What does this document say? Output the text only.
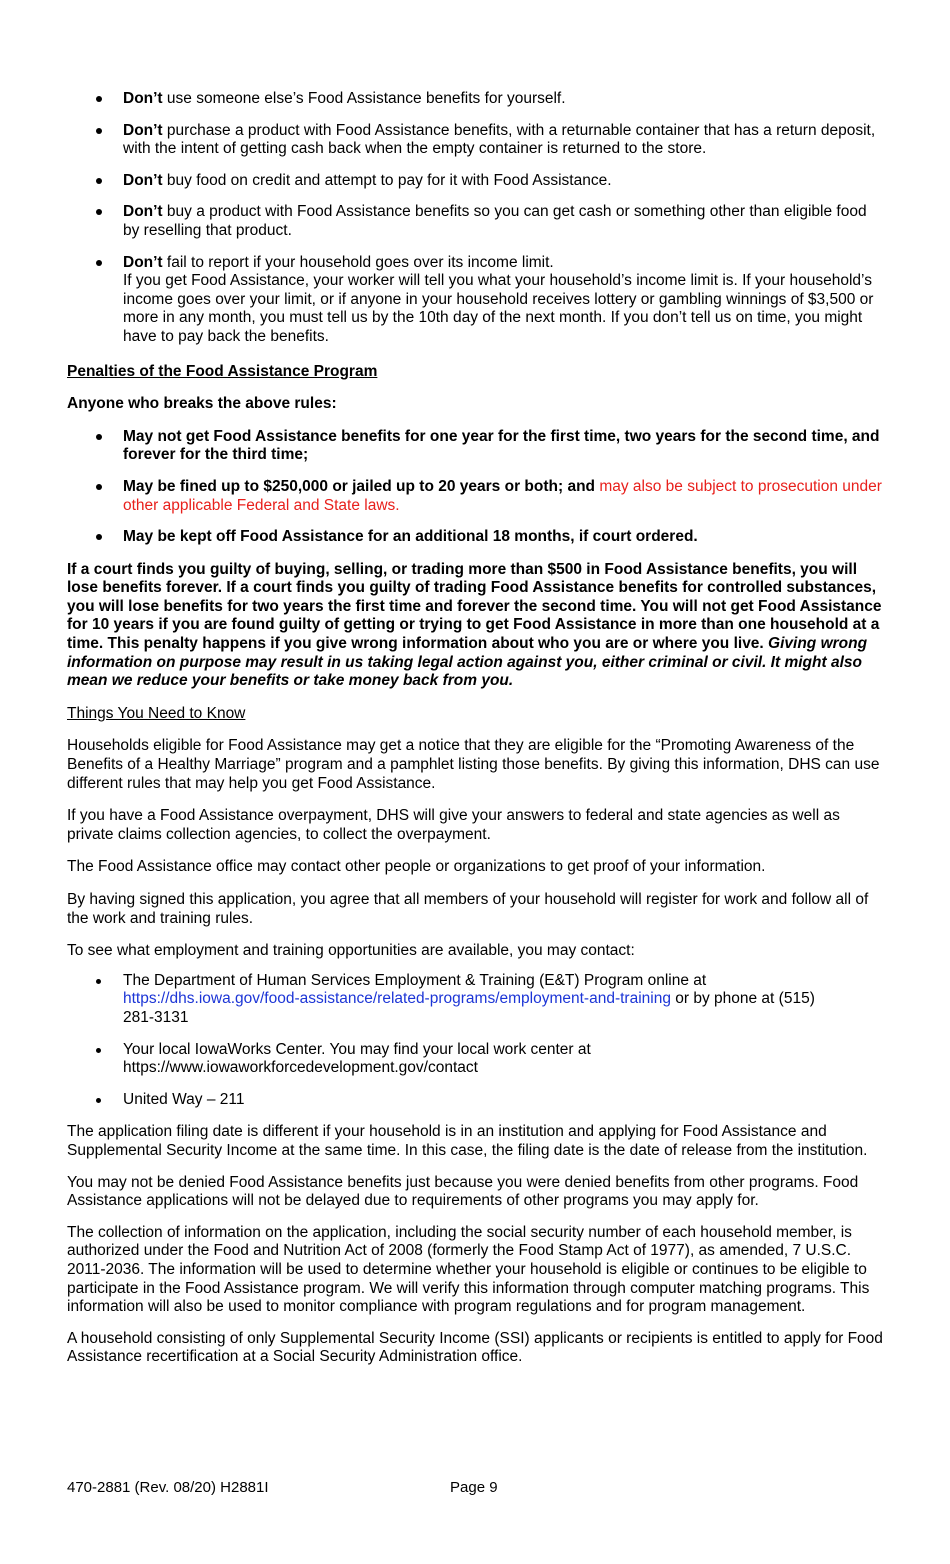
Don’t use someone else’s Food Assistance benefits for yourself.
Don’t purchase a product with Food Assistance benefits, with a returnable container that has a return deposit, with the intent of getting cash back when the empty container is returned to the store.
Don’t buy food on credit and attempt to pay for it with Food Assistance.
Don’t buy a product with Food Assistance benefits so you can get cash or something other than eligible food by reselling that product.
Don’t fail to report if your household goes over its income limit.
If you get Food Assistance, your worker will tell you what your household’s income limit is. If your household’s income goes over your limit, or if anyone in your household receives lottery or gambling winnings of $3,500 or more in any month, you must tell us by the 10th day of the next month. If you don’t tell us on time, you might have to pay back the benefits.
Penalties of the Food Assistance Program

Anyone who breaks the above rules:

May not get Food Assistance benefits for one year for the first time, two years for the second time, and forever for the third time;
May be fined up to $250,000 or jailed up to 20 years or both; and may also be subject to prosecution under other applicable Federal and State laws.
May be kept off Food Assistance for an additional 18 months, if court ordered.

If a court finds you guilty of buying, selling, or trading more than $500 in Food Assistance benefits, you will lose benefits forever. If a court finds you guilty of trading Food Assistance benefits for controlled substances, you will lose benefits for two years the first time and forever the second time. You will not get Food Assistance for 10 years if you are found guilty of getting or trying to get Food Assistance in more than one household at a time. This penalty happens if you give wrong information about who you are or where you live. Giving wrong information on purpose may result in us taking legal action against you, either criminal or civil. It might also mean we reduce your benefits or take money back from you.

Things You Need to Know

Households eligible for Food Assistance may get a notice that they are eligible for the “Promoting Awareness of the Benefits of a Healthy Marriage” program and a pamphlet listing those benefits. By giving this information, DHS can use different rules that may help you get Food Assistance.

If you have a Food Assistance overpayment, DHS will give your answers to federal and state agencies as well as private claims collection agencies, to collect the overpayment.

The Food Assistance office may contact other people or organizations to get proof of your information.

By having signed this application, you agree that all members of your household will register for work and follow all of the work and training rules.

To see what employment and training opportunities are available, you may contact:

The Department of Human Services Employment & Training (E&T) Program online at
https://dhs.iowa.gov/food-assistance/related-programs/employment-and-training or by phone at (515) 281-3131
Your local IowaWorks Center. You may find your local work center at https://www.iowaworkforcedevelopment.gov/contact
United Way – 211

The application filing date is different if your household is in an institution and applying for Food Assistance and Supplemental Security Income at the same time. In this case, the filing date is the date of release from the institution.

You may not be denied Food Assistance benefits just because you were denied benefits from other programs. Food Assistance applications will not be delayed due to requirements of other programs you may apply for.

The collection of information on the application, including the social security number of each household member, is authorized under the Food and Nutrition Act of 2008 (formerly the Food Stamp Act of 1977), as amended, 7 U.S.C. 2011-2036. The information will be used to determine whether your household is eligible or continues to be eligible to participate in the Food Assistance program. We will verify this information through computer matching programs. This information will also be used to monitor compliance with program regulations and for program management.

A household consisting of only Supplemental Security Income (SSI) applicants or recipients is entitled to apply for Food Assistance recertification at a Social Security Administration office.

470-2881 (Rev. 08/20) H2881I	Page 9
